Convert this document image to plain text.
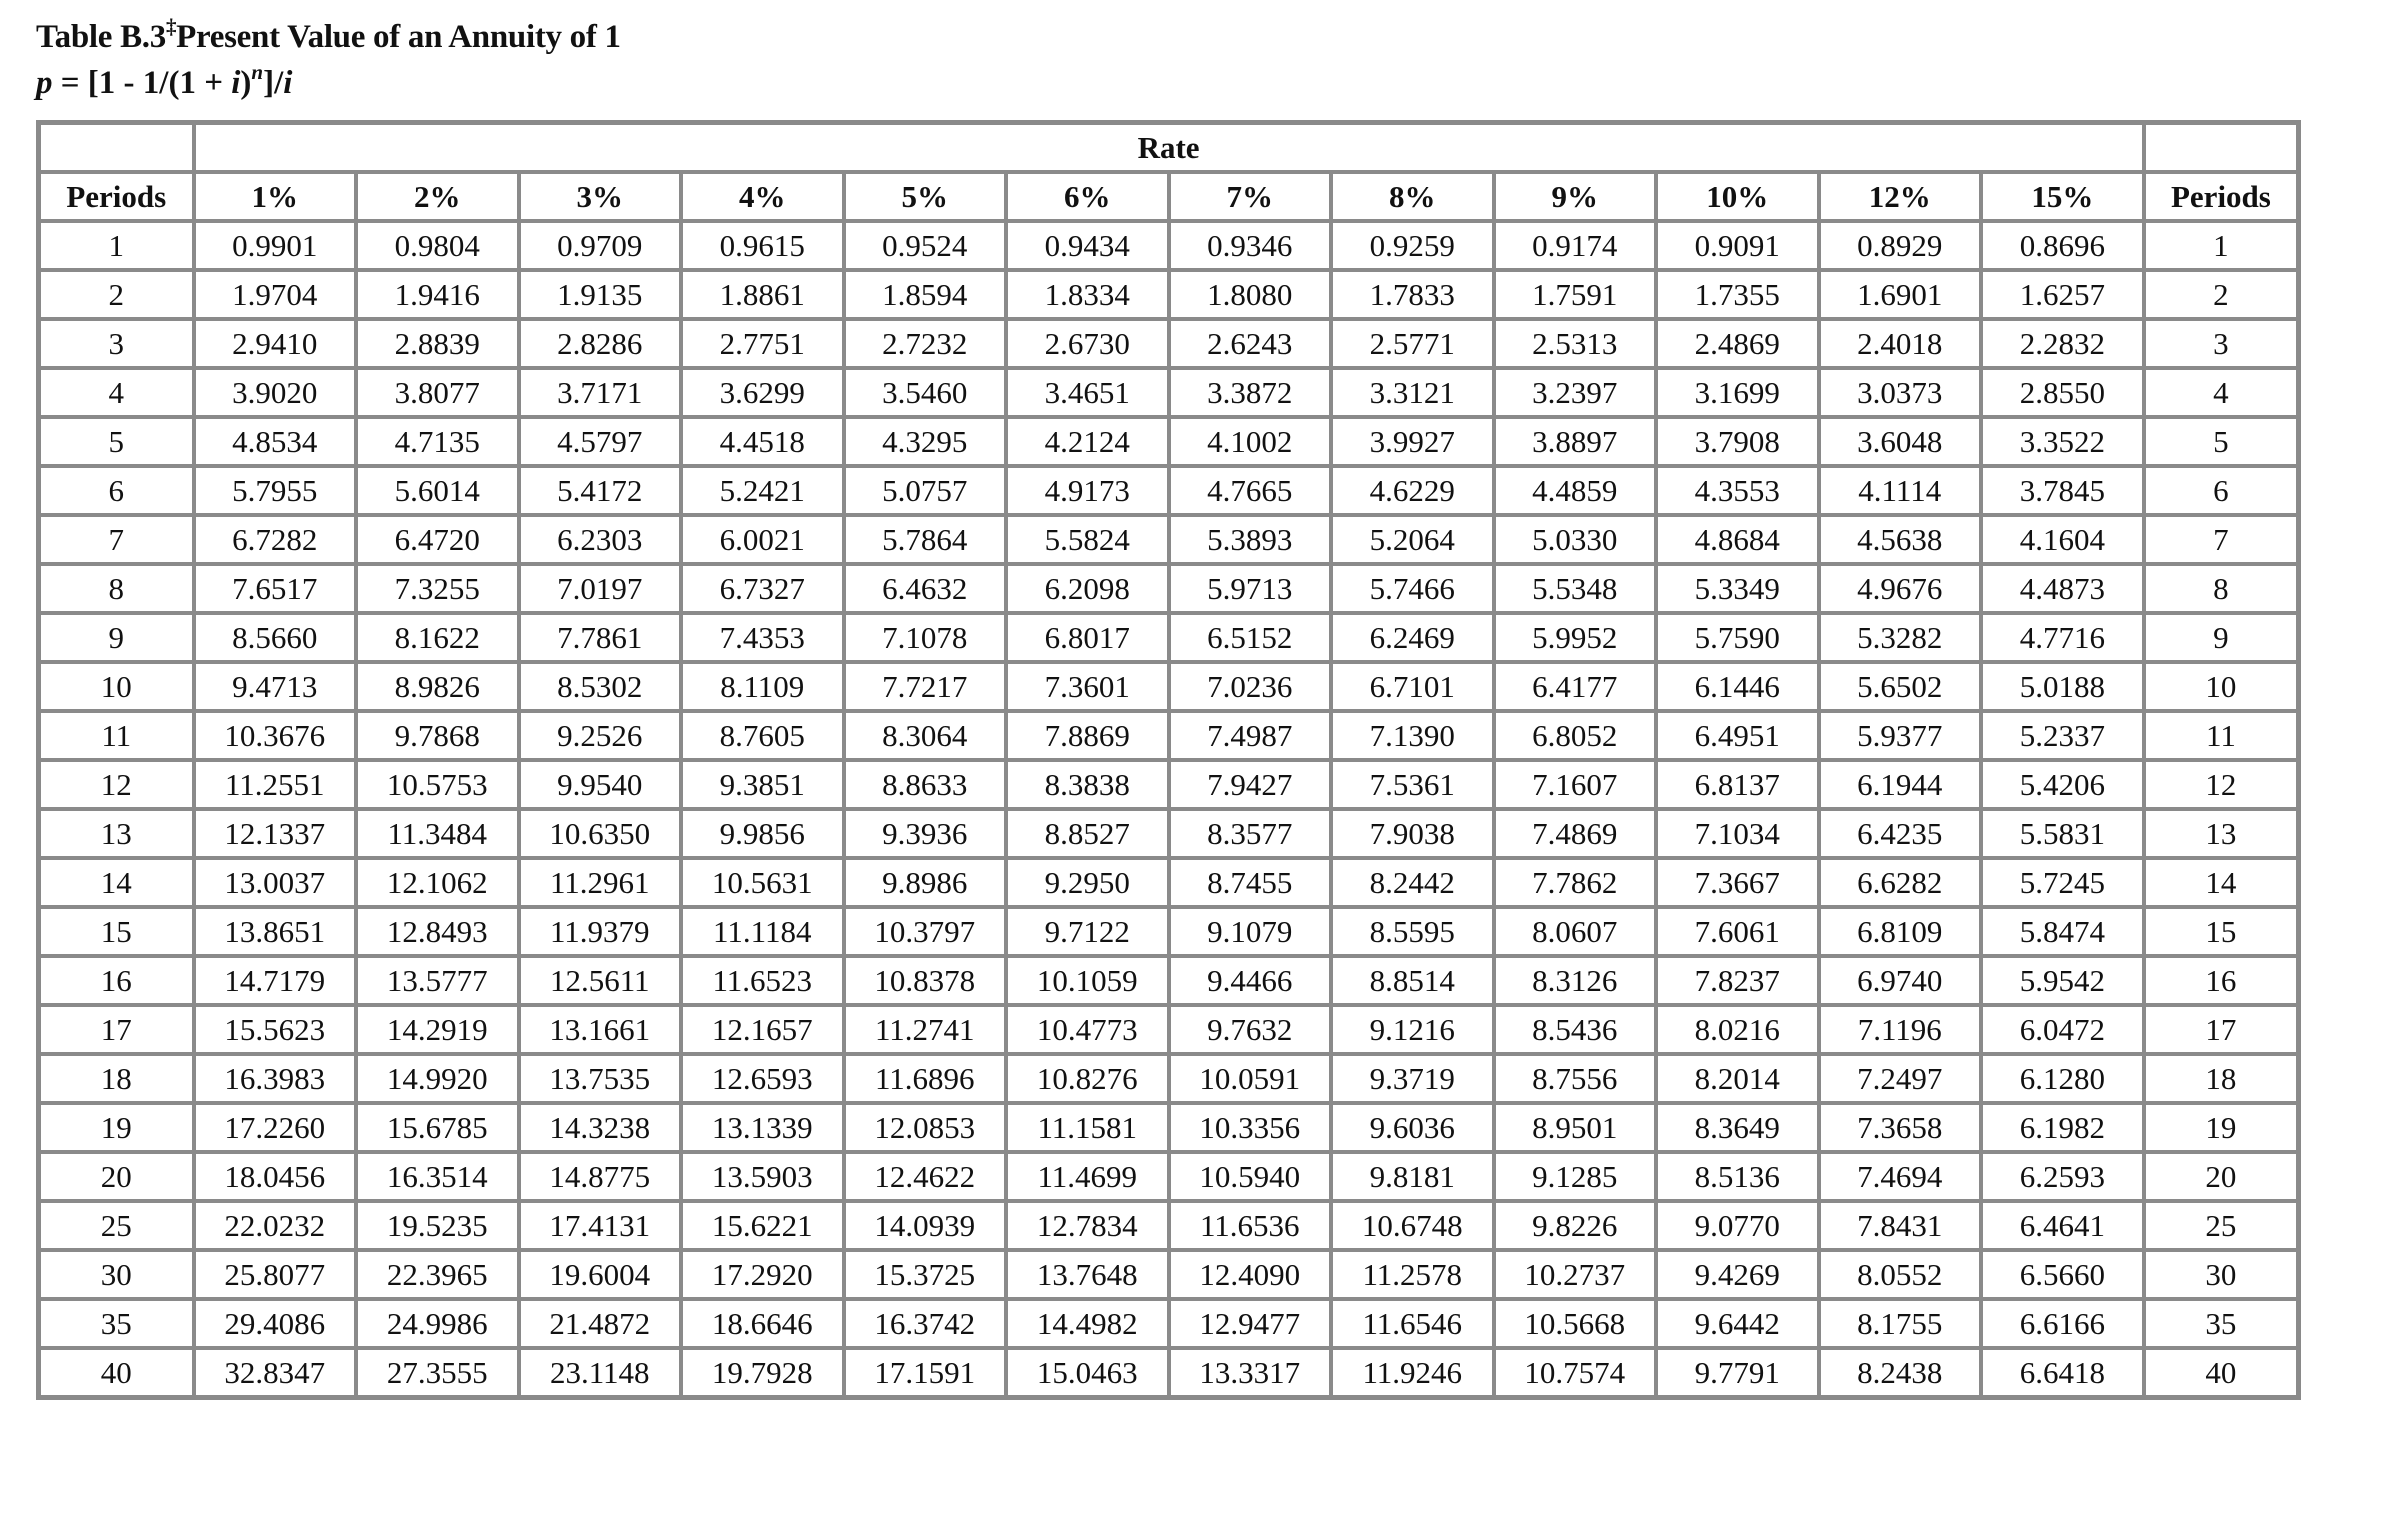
Table B.3‡Present Value of an Annuity of 1
$p = [1 - 1/(1 + i)^n]/i$
	Rate												
Periods	1%	2%	3%	4%	5%	6%	7%	8%	9%	10%	12%	15%	Periods
1	0.9901	0.9804	0.9709	0.9615	0.9524	0.9434	0.9346	0.9259	0.9174	0.9091	0.8929	0.8696	1
2	1.9704	1.9416	1.9135	1.8861	1.8594	1.8334	1.8080	1.7833	1.7591	1.7355	1.6901	1.6257	2
3	2.9410	2.8839	2.8286	2.7751	2.7232	2.6730	2.6243	2.5771	2.5313	2.4869	2.4018	2.2832	3
4	3.9020	3.8077	3.7171	3.6299	3.5460	3.4651	3.3872	3.3121	3.2397	3.1699	3.0373	2.8550	4
5	4.8534	4.7135	4.5797	4.4518	4.3295	4.2124	4.1002	3.9927	3.8897	3.7908	3.6048	3.3522	5
6	5.7955	5.6014	5.4172	5.2421	5.0757	4.9173	4.7665	4.6229	4.4859	4.3553	4.1114	3.7845	6
7	6.7282	6.4720	6.2303	6.0021	5.7864	5.5824	5.3893	5.2064	5.0330	4.8684	4.5638	4.1604	7
8	7.6517	7.3255	7.0197	6.7327	6.4632	6.2098	5.9713	5.7466	5.5348	5.3349	4.9676	4.4873	8
9	8.5660	8.1622	7.7861	7.4353	7.1078	6.8017	6.5152	6.2469	5.9952	5.7590	5.3282	4.7716	9
10	9.4713	8.9826	8.5302	8.1109	7.7217	7.3601	7.0236	6.7101	6.4177	6.1446	5.6502	5.0188	10
11	10.3676	9.7868	9.2526	8.7605	8.3064	7.8869	7.4987	7.1390	6.8052	6.4951	5.9377	5.2337	11
12	11.2551	10.5753	9.9540	9.3851	8.8633	8.3838	7.9427	7.5361	7.1607	6.8137	6.1944	5.4206	12
13	12.1337	11.3484	10.6350	9.9856	9.3936	8.8527	8.3577	7.9038	7.4869	7.1034	6.4235	5.5831	13
14	13.0037	12.1062	11.2961	10.5631	9.8986	9.2950	8.7455	8.2442	7.7862	7.3667	6.6282	5.7245	14
15	13.8651	12.8493	11.9379	11.1184	10.3797	9.7122	9.1079	8.5595	8.0607	7.6061	6.8109	5.8474	15
16	14.7179	13.5777	12.5611	11.6523	10.8378	10.1059	9.4466	8.8514	8.3126	7.8237	6.9740	5.9542	16
17	15.5623	14.2919	13.1661	12.1657	11.2741	10.4773	9.7632	9.1216	8.5436	8.0216	7.1196	6.0472	17
18	16.3983	14.9920	13.7535	12.6593	11.6896	10.8276	10.0591	9.3719	8.7556	8.2014	7.2497	6.1280	18
19	17.2260	15.6785	14.3238	13.1339	12.0853	11.1581	10.3356	9.6036	8.9501	8.3649	7.3658	6.1982	19
20	18.0456	16.3514	14.8775	13.5903	12.4622	11.4699	10.5940	9.8181	9.1285	8.5136	7.4694	6.2593	20
25	22.0232	19.5235	17.4131	15.6221	14.0939	12.7834	11.6536	10.6748	9.8226	9.0770	7.8431	6.4641	25
30	25.8077	22.3965	19.6004	17.2920	15.3725	13.7648	12.4090	11.2578	10.2737	9.4269	8.0552	6.5660	30
35	29.4086	24.9986	21.4872	18.6646	16.3742	14.4982	12.9477	11.6546	10.5668	9.6442	8.1755	6.6166	35
40	32.8347	27.3555	23.1148	19.7928	17.1591	15.0463	13.3317	11.9246	10.7574	9.7791	8.2438	6.6418	40
